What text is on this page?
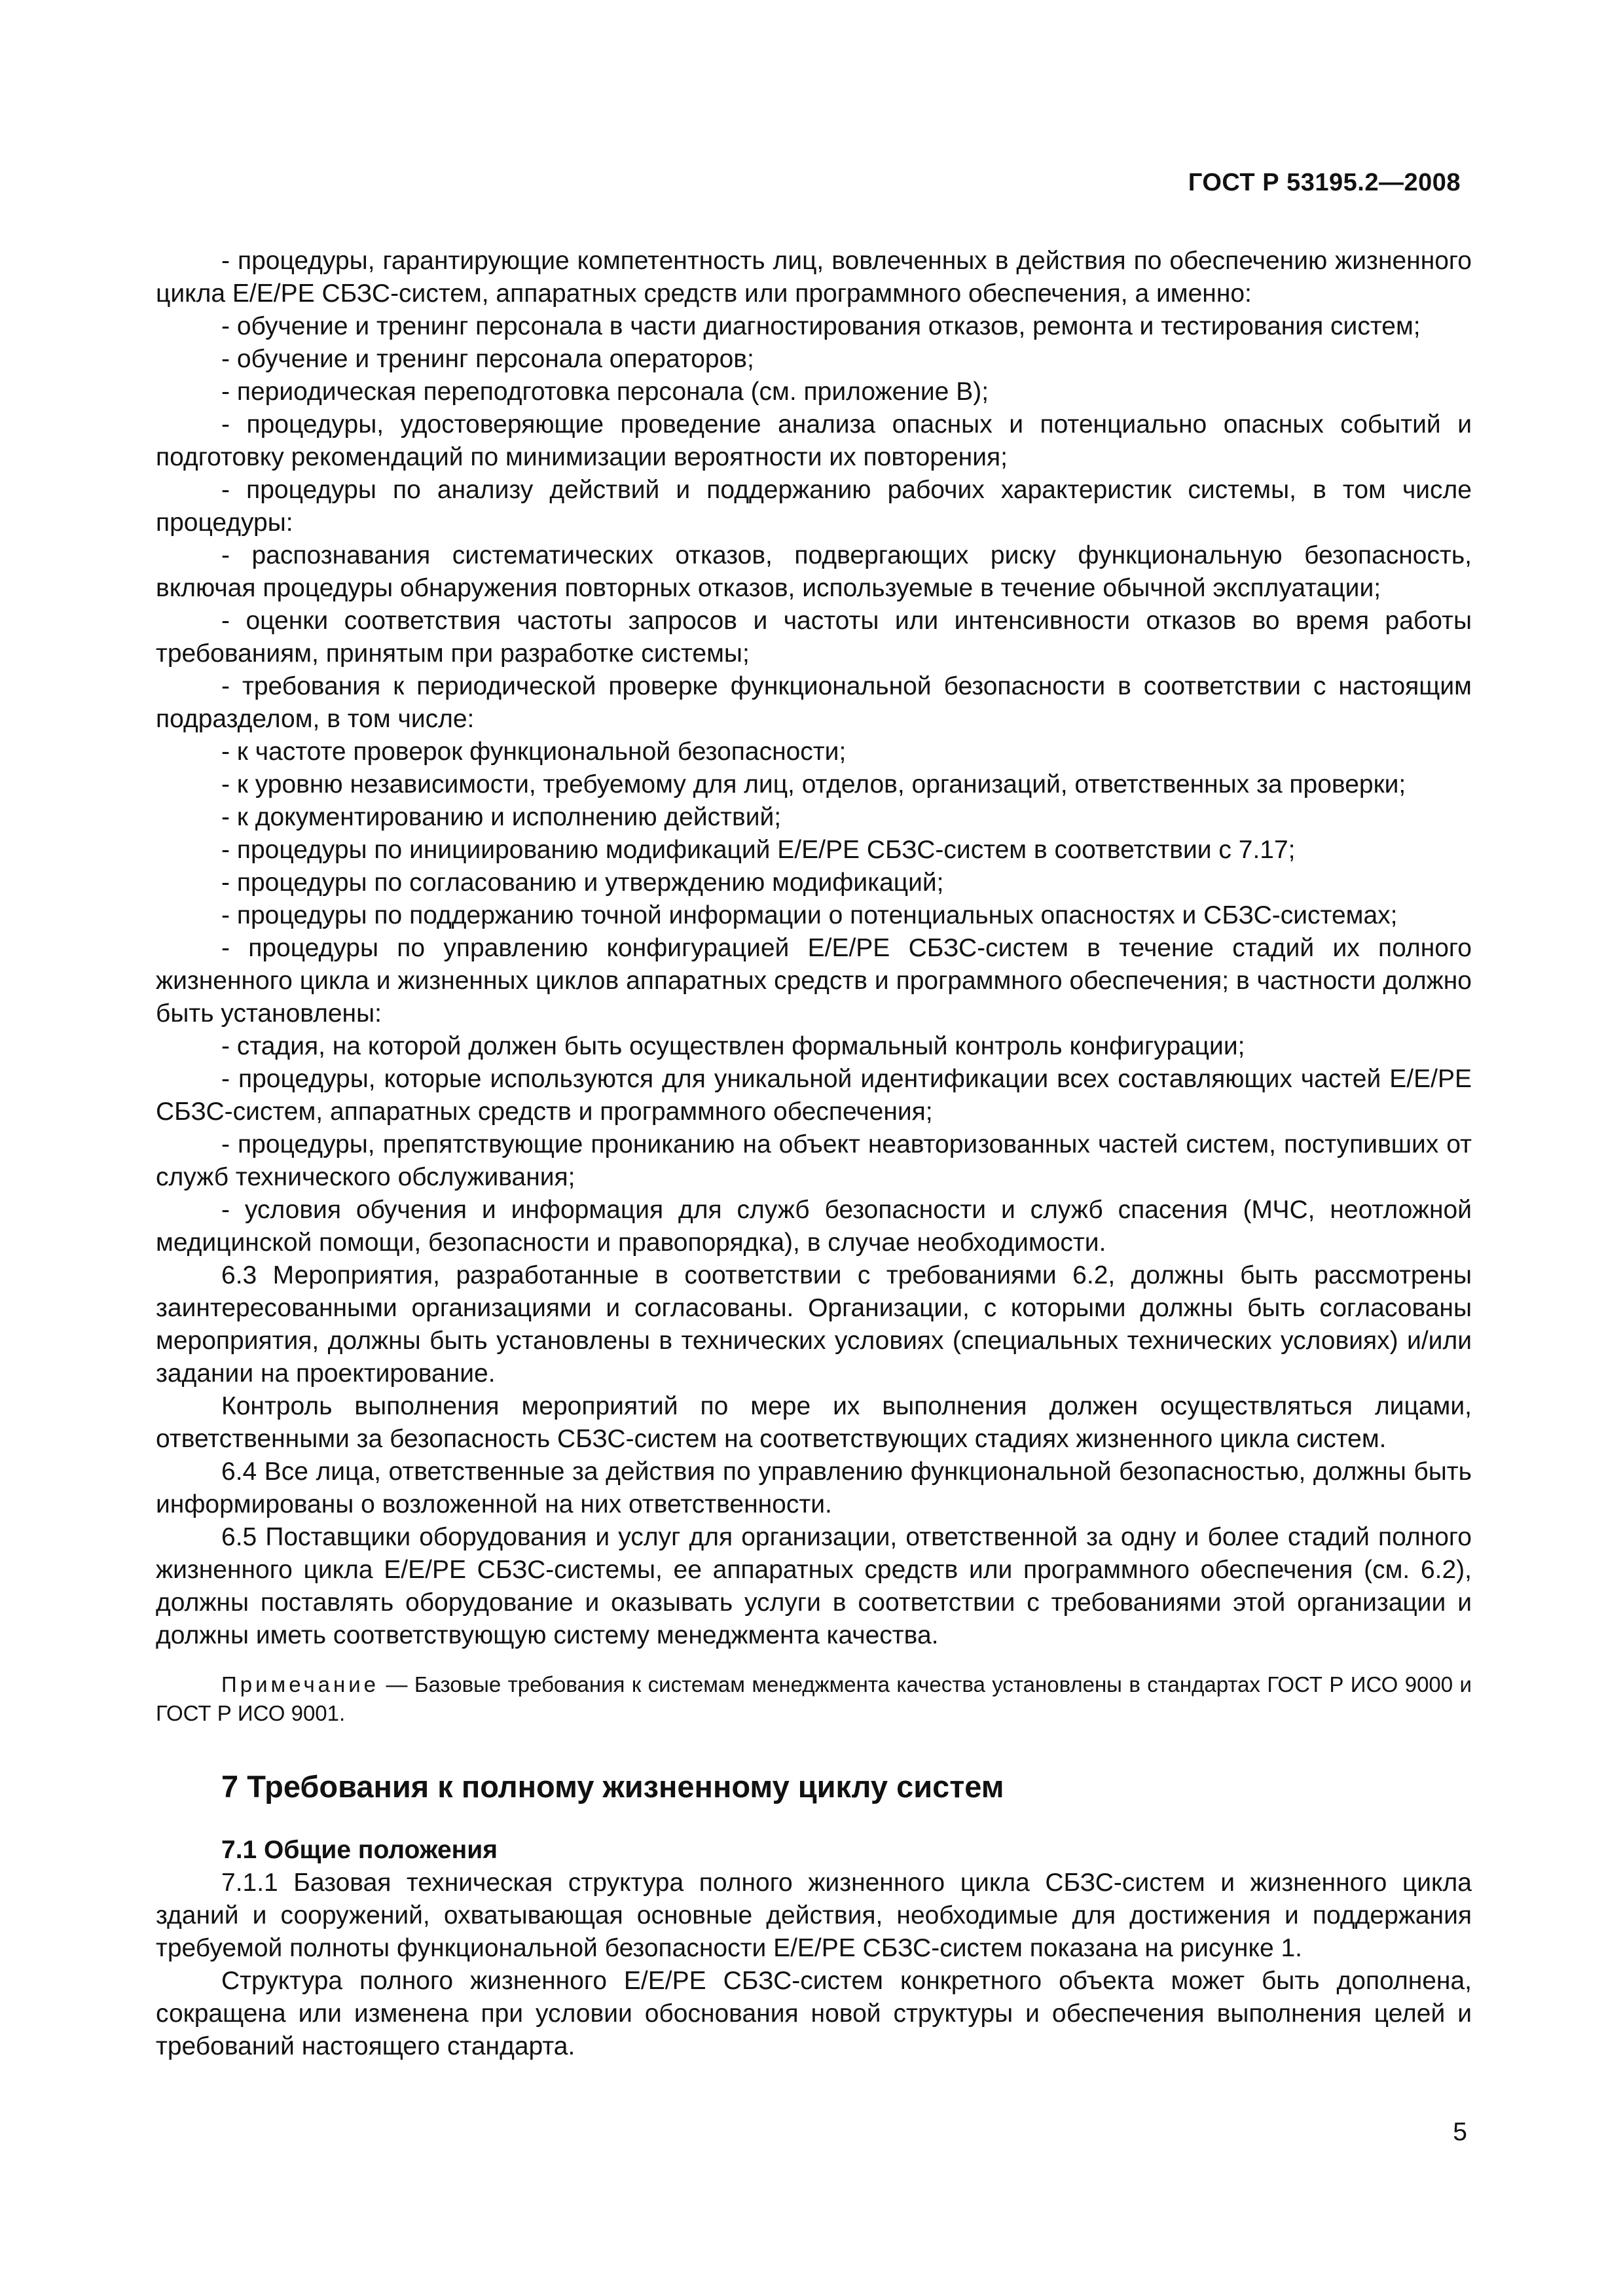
ГОСТ Р 53195.2—2008

- процедуры, гарантирующие компетентность лиц, вовлеченных в действия по обеспечению жизненного цикла E/E/PE СБЗС-систем, аппаратных средств или программного обеспечения, а именно:

- обучение и тренинг персонала в части диагностирования отказов, ремонта и тестирования систем;

- обучение и тренинг персонала операторов;

- периодическая переподготовка персонала (см. приложение В);

- процедуры, удостоверяющие проведение анализа опасных и потенциально опасных событий и подготовку рекомендаций по минимизации вероятности их повторения;

- процедуры по анализу действий и поддержанию рабочих характеристик системы, в том числе процедуры:

- распознавания систематических отказов, подвергающих риску функциональную безопасность, включая процедуры обнаружения повторных отказов, используемые в течение обычной эксплуатации;

- оценки соответствия частоты запросов и частоты или интенсивности отказов во время работы требованиям, принятым при разработке системы;

- требования к периодической проверке функциональной безопасности в соответствии с настоящим подразделом, в том числе:

- к частоте проверок функциональной безопасности;

- к уровню независимости, требуемому для лиц, отделов, организаций, ответственных за проверки;

- к документированию и исполнению действий;

- процедуры по инициированию модификаций E/E/PE СБЗС-систем в соответствии с 7.17;

- процедуры по согласованию и утверждению модификаций;

- процедуры по поддержанию точной информации о потенциальных опасностях и СБЗС-системах;

- процедуры по управлению конфигурацией E/E/PE СБЗС-систем в течение стадий их полного жизненного цикла и жизненных циклов аппаратных средств и программного обеспечения; в частности должно быть установлены:

- стадия, на которой должен быть осуществлен формальный контроль конфигурации;

- процедуры, которые используются для уникальной идентификации всех составляющих частей E/E/PE СБЗС-систем, аппаратных средств и программного обеспечения;

- процедуры, препятствующие прониканию на объект неавторизованных частей систем, поступивших от служб технического обслуживания;

- условия обучения и информация для служб безопасности и служб спасения (МЧС, неотложной медицинской помощи, безопасности и правопорядка), в случае необходимости.

6.3 Мероприятия, разработанные в соответствии с требованиями 6.2, должны быть рассмотрены заинтересованными организациями и согласованы. Организации, с которыми должны быть согласованы мероприятия, должны быть установлены в технических условиях (специальных технических условиях) и/или задании на проектирование.

Контроль выполнения мероприятий по мере их выполнения должен осуществляться лицами, ответственными за безопасность СБЗС-систем на соответствующих стадиях жизненного цикла систем.

6.4 Все лица, ответственные за действия по управлению функциональной безопасностью, должны быть информированы о возложенной на них ответственности.

6.5 Поставщики оборудования и услуг для организации, ответственной за одну и более стадий полного жизненного цикла E/E/PE СБЗС-системы, ее аппаратных средств или программного обеспечения (см. 6.2), должны поставлять оборудование и оказывать услуги в соответствии с требованиями этой организации и должны иметь соответствующую систему менеджмента качества.

Примечание — Базовые требования к системам менеджмента качества установлены в стандартах ГОСТ Р ИСО 9000 и ГОСТ Р ИСО 9001.

7 Требования к полному жизненному циклу систем
7.1 Общие положения

7.1.1 Базовая техническая структура полного жизненного цикла СБЗС-систем и жизненного цикла зданий и сооружений, охватывающая основные действия, необходимые для достижения и поддержания требуемой полноты функциональной безопасности E/E/PE СБЗС-систем показана на рисунке 1.

Структура полного жизненного E/E/PE СБЗС-систем конкретного объекта может быть дополнена, сокращена или изменена при условии обоснования новой структуры и обеспечения выполнения целей и требований настоящего стандарта.

5
